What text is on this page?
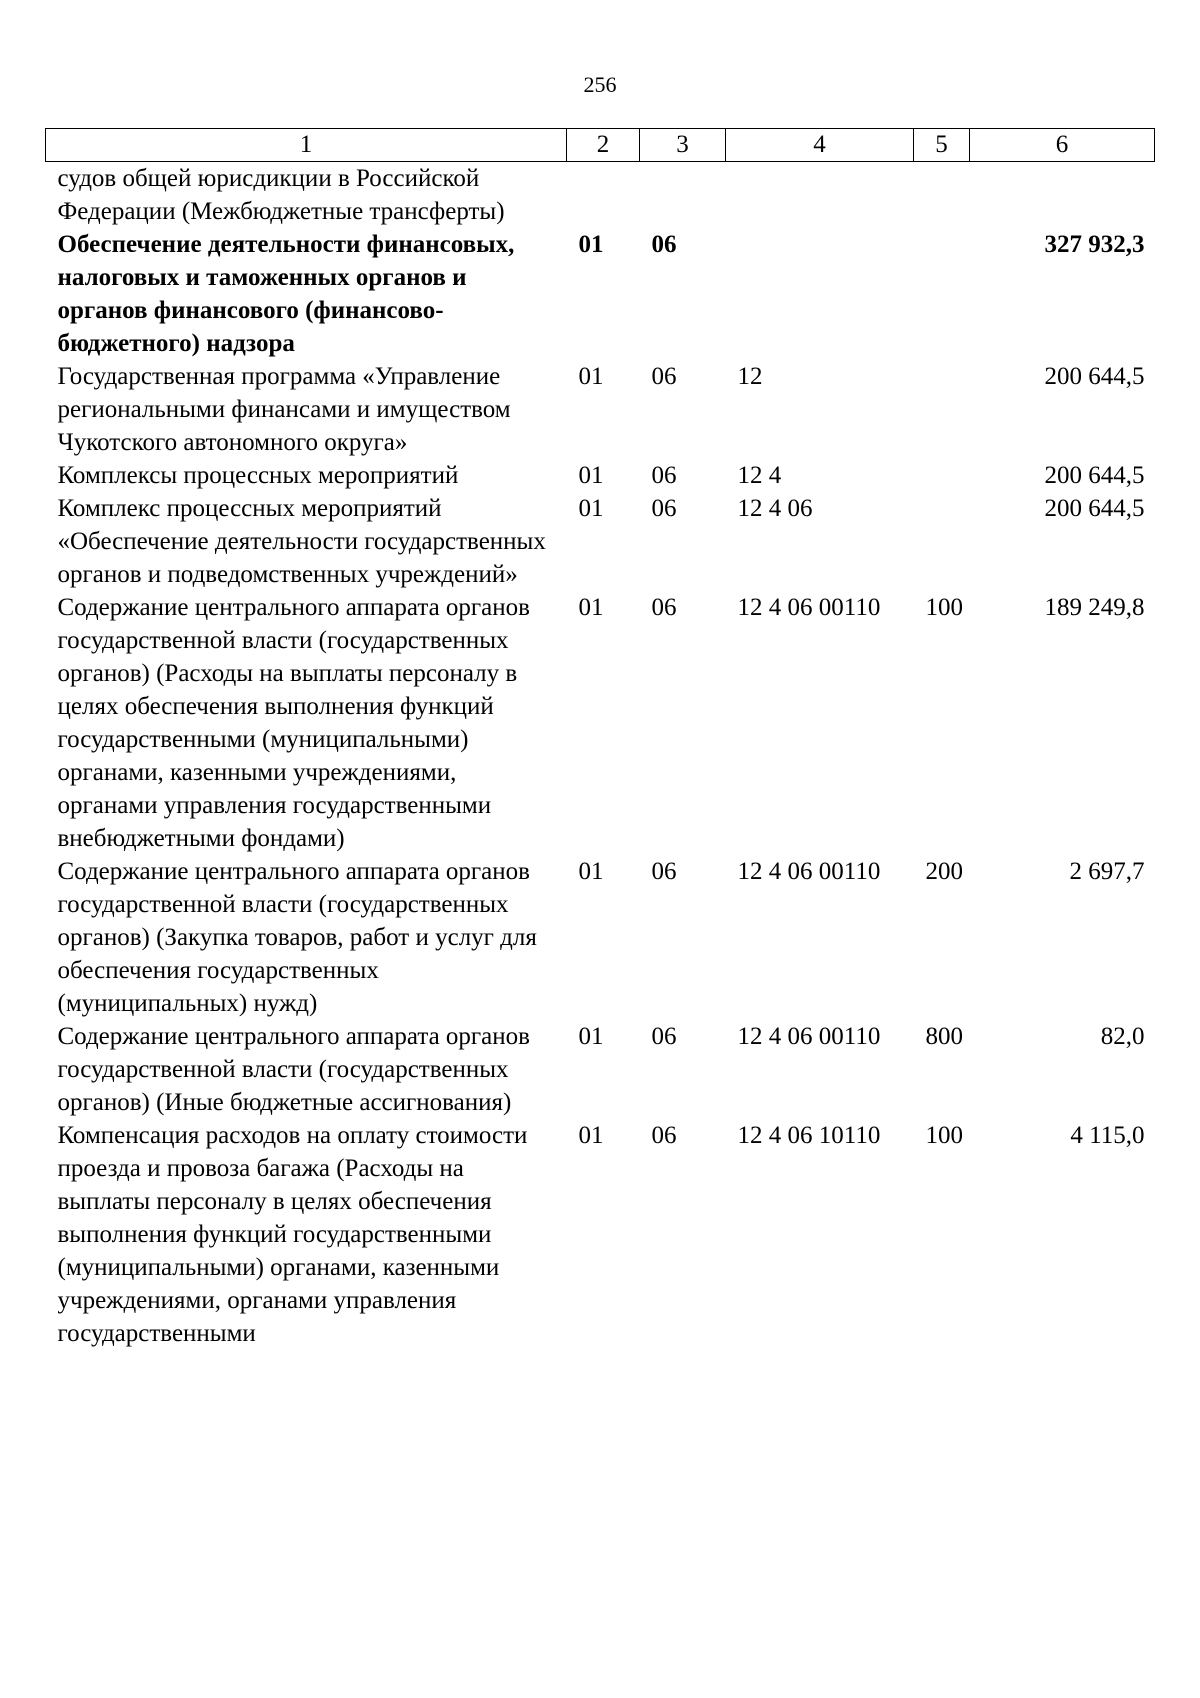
256
1	2	3	4	5	6
судов общей юрисдикции в Российской Федерации (Межбюджетные трансферты)					
Обеспечение деятельности финансовых, налоговых и таможенных органов и органов финансового (финансово-бюджетного) надзора	01	06			327 932,3
Государственная программа «Управление региональными финансами и имуществом Чукотского автономного округа»	01	06	12		200 644,5
Комплексы процессных мероприятий	01	06	12 4		200 644,5
Комплекс процессных мероприятий «Обеспечение деятельности государственных органов и подведомственных учреждений»	01	06	12 4 06		200 644,5
Содержание центрального аппарата органов государственной власти (государственных органов) (Расходы на выплаты персоналу в целях обеспечения выполнения функций государственными (муниципальными) органами, казенными учреждениями, органами управления государственными внебюджетными фондами)	01	06	12 4 06 00110	100	189 249,8
Содержание центрального аппарата органов государственной власти (государственных органов) (Закупка товаров, работ и услуг для обеспечения государственных (муниципальных) нужд)	01	06	12 4 06 00110	200	2 697,7
Содержание центрального аппарата органов государственной власти (государственных органов) (Иные бюджетные ассигнования)	01	06	12 4 06 00110	800	82,0
Компенсация расходов на оплату стоимости проезда и провоза багажа (Расходы на выплаты персоналу в целях обеспечения выполнения функций государственными (муниципальными) органами, казенными учреждениями, органами управления государственными	01	06	12 4 06 10110	100	4 115,0
